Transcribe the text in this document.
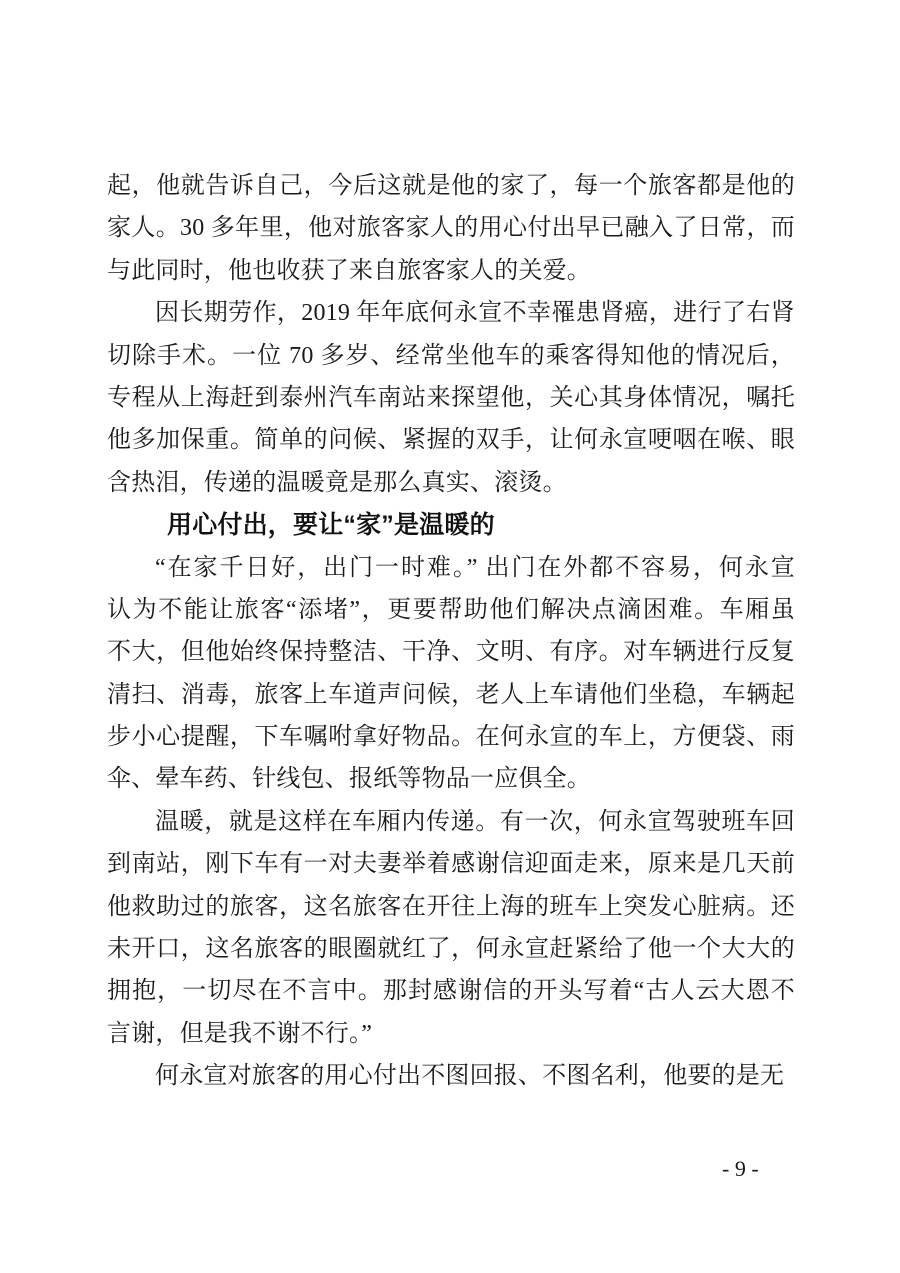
起，他就告诉自己，今后这就是他的家了，每一个旅客都是他的
家人。30 多年里，他对旅客家人的用心付出早已融入了日常，而
与此同时，他也收获了来自旅客家人的关爱。
因长期劳作，2019 年年底何永宣不幸罹患肾癌，进行了右肾
切除手术。一位 70 多岁、经常坐他车的乘客得知他的情况后，
专程从上海赶到泰州汽车南站来探望他，关心其身体情况，嘱托
他多加保重。简单的问候、紧握的双手，让何永宣哽咽在喉、眼
含热泪，传递的温暖竟是那么真实、滚烫。
用心付出，要让“家”是温暖的
“在家千日好，出门一时难。” 出门在外都不容易，何永宣
认为不能让旅客“添堵”，更要帮助他们解决点滴困难。车厢虽
不大，但他始终保持整洁、干净、文明、有序。对车辆进行反复
清扫、消毒，旅客上车道声问候，老人上车请他们坐稳，车辆起
步小心提醒，下车嘱咐拿好物品。在何永宣的车上，方便袋、雨
伞、晕车药、针线包、报纸等物品一应俱全。
温暖，就是这样在车厢内传递。有一次，何永宣驾驶班车回
到南站，刚下车有一对夫妻举着感谢信迎面走来，原来是几天前
他救助过的旅客，这名旅客在开往上海的班车上突发心脏病。还
未开口，这名旅客的眼圈就红了，何永宣赶紧给了他一个大大的
拥抱，一切尽在不言中。那封感谢信的开头写着“古人云大恩不
言谢，但是我不谢不行。”
何永宣对旅客的用心付出不图回报、不图名利，他要的是无
- 9 -
